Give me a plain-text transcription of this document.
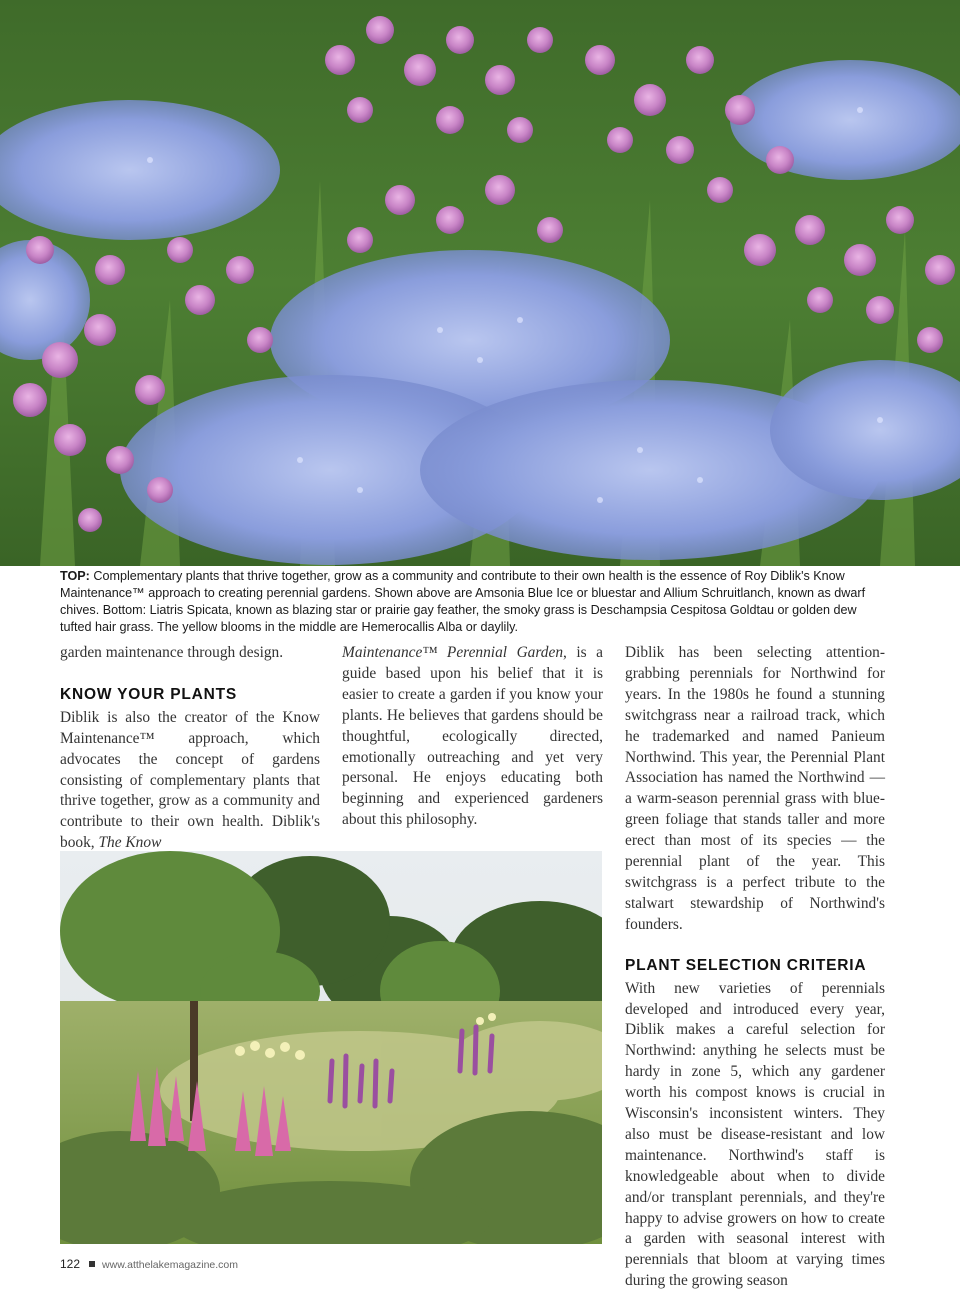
TOP: Complementary plants that thrive together, grow as a community and contribute to their own health is the essence of Roy Diblik's Know Maintenance™ approach to creating perennial gardens. Shown above are Amsonia Blue Ice or bluestar and Allium Schruitlanch, known as dwarf chives. Bottom: Liatris Spicata, known as blazing star or prairie gay feather, the smoky grass is Deschampsia Cespitosa Goldtau or golden dew tufted hair grass. The yellow blooms in the middle are Hemerocallis Alba or daylily.

garden maintenance through design.

KNOW YOUR PLANTS

Diblik is also the creator of the Know Maintenance™ approach, which advocates the concept of gardens consisting of complementary plants that thrive together, grow as a community and contribute to their own health. Diblik's book, The Know

Maintenance™ Perennial Garden, is a guide based upon his belief that it is easier to create a garden if you know your plants. He believes that gardens should be thoughtful, ecologically directed, emotionally outreaching and yet very personal. He enjoys educating both beginning and experienced gardeners about this philosophy.

Diblik has been selecting attention-grabbing perennials for Northwind for years. In the 1980s he found a stunning switchgrass near a railroad track, which he trademarked and named Panieum Northwind. This year, the Perennial Plant Association has named the Northwind — a warm-season perennial grass with blue-green foliage that stands taller and more erect than most of its species — the perennial plant of the year. This switchgrass is a perfect tribute to the stalwart stewardship of Northwind's founders.

PLANT SELECTION CRITERIA

With new varieties of perennials developed and introduced every year, Diblik makes a careful selection for Northwind: anything he selects must be hardy in zone 5, which any gardener worth his compost knows is crucial in Wisconsin's inconsistent winters. They also must be disease-resistant and low maintenance. Northwind's staff is knowledgeable about when to divide and/or transplant perennials, and they're happy to advise growers on how to create a garden with seasonal interest with perennials that bloom at varying times during the growing season

122 www.atthelakemagazine.com
